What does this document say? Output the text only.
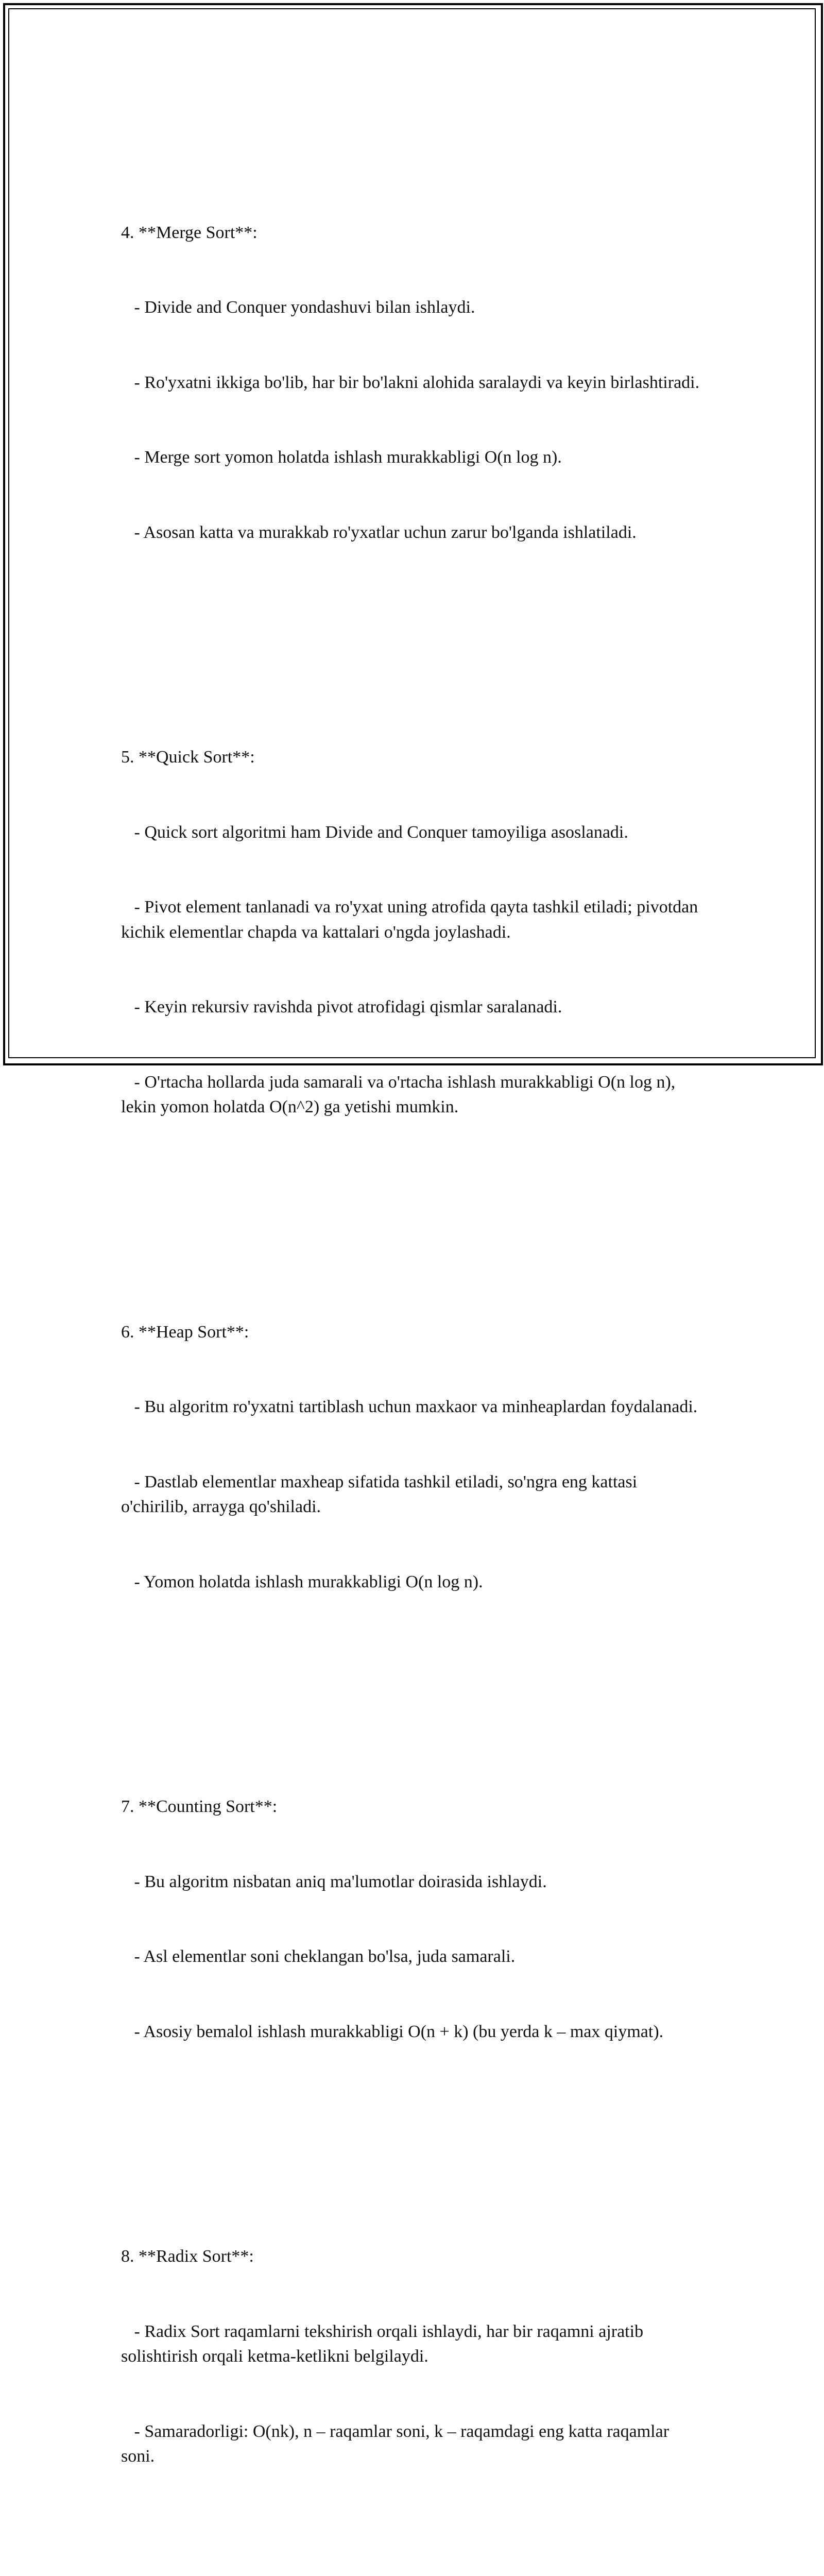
4. **Merge Sort**:

- Divide and Conquer yondashuvi bilan ishlaydi.

- Ro'yxatni ikkiga bo'lib, har bir bo'lakni alohida saralaydi va keyin birlashtiradi.

- Merge sort yomon holatda ishlash murakkabligi O(n log n).

- Asosan katta va murakkab ro'yxatlar uchun zarur bo'lganda ishlatiladi.

5. **Quick Sort**:

- Quick sort algoritmi ham Divide and Conquer tamoyiliga asoslanadi.

- Pivot element tanlanadi va ro'yxat uning atrofida qayta tashkil etiladi; pivotdan kichik elementlar chapda va kattalari o'ngda joylashadi.

- Keyin rekursiv ravishda pivot atrofidagi qismlar saralanadi.

- O'rtacha hollarda juda samarali va o'rtacha ishlash murakkabligi O(n log n), lekin yomon holatda O(n^2) ga yetishi mumkin.

6. **Heap Sort**:

- Bu algoritm ro'yxatni tartiblash uchun maxkaor va minheaplardan foydalanadi.

- Dastlab elementlar maxheap sifatida tashkil etiladi, so'ngra eng kattasi o'chirilib, arrayga qo'shiladi.

- Yomon holatda ishlash murakkabligi O(n log n).

7. **Counting Sort**:

- Bu algoritm nisbatan aniq ma'lumotlar doirasida ishlaydi.

- Asl elementlar soni cheklangan bo'lsa, juda samarali.

- Asosiy bemalol ishlash murakkabligi O(n + k) (bu yerda k – max qiymat).

8. **Radix Sort**:

- Radix Sort raqamlarni tekshirish orqali ishlaydi, har bir raqamni ajratib solishtirish orqali ketma-ketlikni belgilaydi.

- Samaradorligi: O(nk), n – raqamlar soni, k – raqamdagi eng katta raqamlar soni.
